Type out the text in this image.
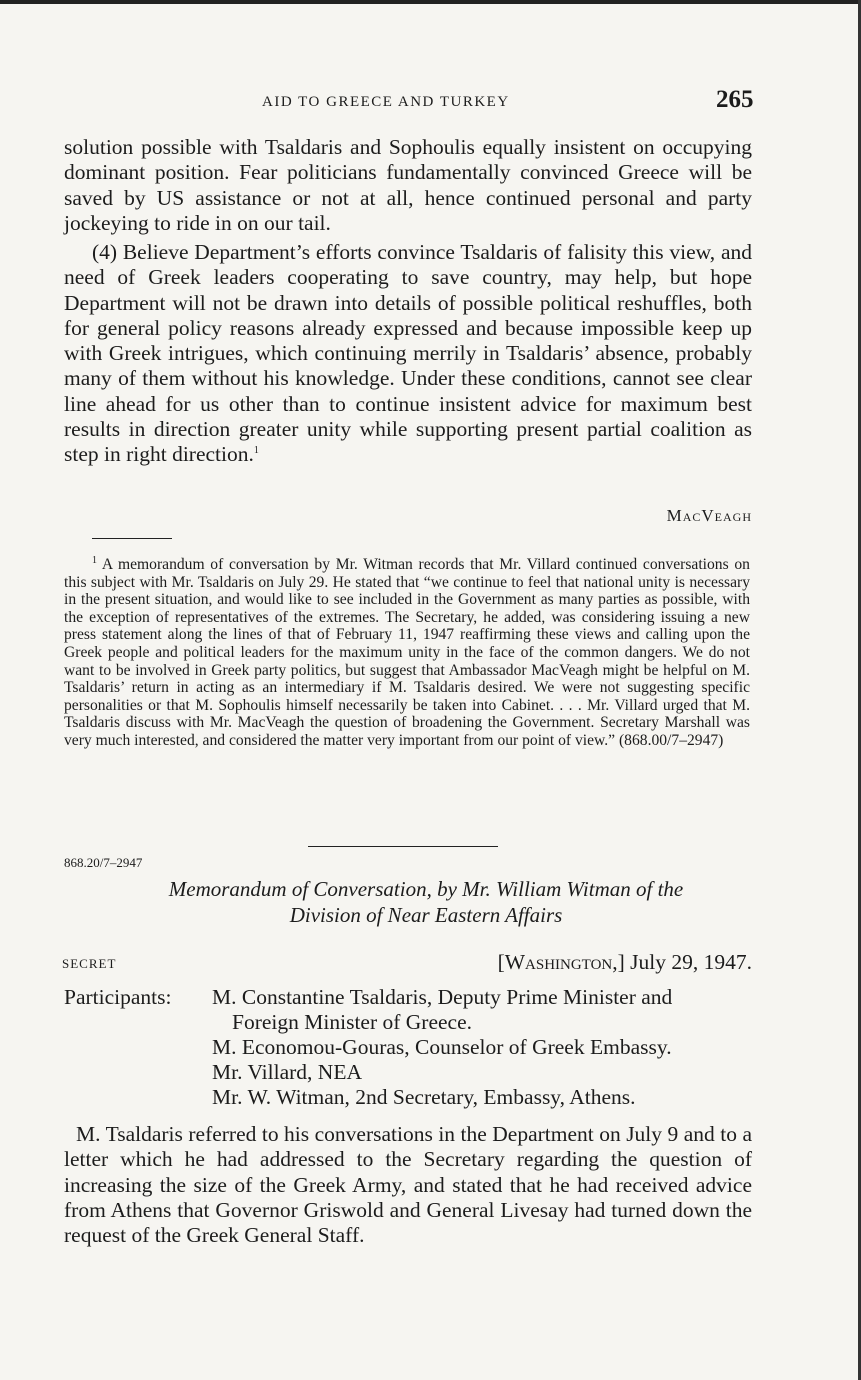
AID TO GREECE AND TURKEY	265

solution possible with Tsaldaris and Sophoulis equally insistent on occupying dominant position. Fear politicians fundamentally convinced Greece will be saved by US assistance or not at all, hence continued personal and party jockeying to ride in on our tail.

(4) Believe Department’s efforts convince Tsaldaris of falisity this view, and need of Greek leaders cooperating to save country, may help, but hope Department will not be drawn into details of possible political reshuffles, both for general policy reasons already expressed and because impossible keep up with Greek intrigues, which continuing merrily in Tsaldaris’ absence, probably many of them without his knowledge. Under these conditions, cannot see clear line ahead for us other than to continue insistent advice for maximum best results in direction greater unity while supporting present partial coalition as step in right direction.$^1$

MacVeagh

$^1$ A memorandum of conversation by Mr. Witman records that Mr. Villard continued conversations on this subject with Mr. Tsaldaris on July 29. He stated that “we continue to feel that national unity is necessary in the present situation, and would like to see included in the Government as many parties as possible, with the exception of representatives of the extremes. The Secretary, he added, was considering issuing a new press statement along the lines of that of February 11, 1947 reaffirming these views and calling upon the Greek people and political leaders for the maximum unity in the face of the common dangers. We do not want to be involved in Greek party politics, but suggest that Ambassador MacVeagh might be helpful on M. Tsaldaris’ return in acting as an intermediary if M. Tsaldaris desired. We were not suggesting specific personalities or that M. Sophoulis himself necessarily be taken into Cabinet. . . . Mr. Villard urged that M. Tsaldaris discuss with Mr. MacVeagh the question of broadening the Government. Secretary Marshall was very much interested, and considered the matter very important from our point of view.” (868.00/7–2947)

868.20/7–2947

Memorandum of Conversation, by Mr. William Witman of the
Division of Near Eastern Affairs

SECRET	[Washington,] July 29, 1947.
Participants: M. Constantine Tsaldaris, Deputy Prime Minister and
Foreign Minister of Greece.
M. Economou-Gouras, Counselor of Greek Embassy.
Mr. Villard, NEA
Mr. W. Witman, 2nd Secretary, Embassy, Athens.

M. Tsaldaris referred to his conversations in the Department on July 9 and to a letter which he had addressed to the Secretary regarding the question of increasing the size of the Greek Army, and stated that he had received advice from Athens that Governor Griswold and General Livesay had turned down the request of the Greek General Staff.
